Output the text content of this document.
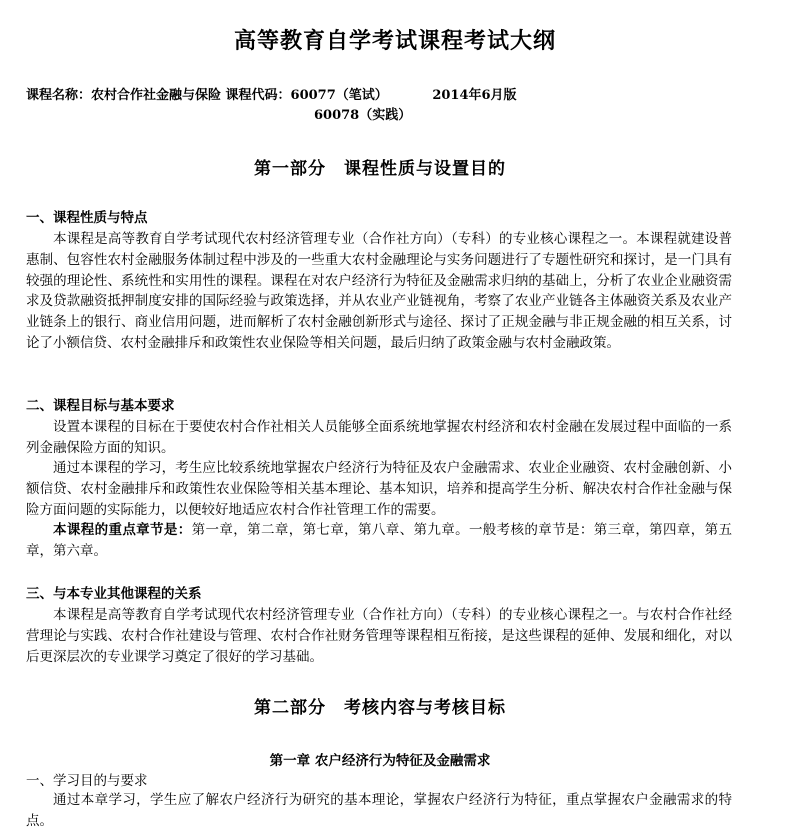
高等教育自学考试课程考试大纲
课程名称：农村合作社金融与保险 课程代码：60077（笔试）	2014年6月版
60078（实践）
第一部分　课程性质与设置目的
一、课程性质与特点
本课程是高等教育自学考试现代农村经济管理专业（合作社方向）（专科）的专业核心课程之一。本课程就建设普惠制、包容性农村金融服务体制过程中涉及的一些重大农村金融理论与实务问题进行了专题性研究和探讨，是一门具有较强的理论性、系统性和实用性的课程。课程在对农户经济行为特征及金融需求归纳的基础上，分析了农业企业融资需求及贷款融资抵押制度安排的国际经验与政策选择，并从农业产业链视角，考察了农业产业链各主体融资关系及农业产业链条上的银行、商业信用问题，进而解析了农村金融创新形式与途径、探讨了正规金融与非正规金融的相互关系，讨论了小额信贷、农村金融排斥和政策性农业保险等相关问题，最后归纳了政策金融与农村金融政策。
二、课程目标与基本要求
设置本课程的目标在于要使农村合作社相关人员能够全面系统地掌握农村经济和农村金融在发展过程中面临的一系列金融保险方面的知识。
通过本课程的学习，考生应比较系统地掌握农户经济行为特征及农户金融需求、农业企业融资、农村金融创新、小额信贷、农村金融排斥和政策性农业保险等相关基本理论、基本知识，培养和提高学生分析、解决农村合作社金融与保险方面问题的实际能力，以便较好地适应农村合作社管理工作的需要。
本课程的重点章节是：第一章，第二章，第七章，第八章、第九章。一般考核的章节是：第三章，第四章，第五章，第六章。
三、与本专业其他课程的关系
本课程是高等教育自学考试现代农村经济管理专业（合作社方向）（专科）的专业核心课程之一。与农村合作社经营理论与实践、农村合作社建设与管理、农村合作社财务管理等课程相互衔接，是这些课程的延伸、发展和细化，对以后更深层次的专业课学习奠定了很好的学习基础。
第二部分　考核内容与考核目标
第一章 农户经济行为特征及金融需求
一、学习目的与要求
通过本章学习，学生应了解农户经济行为研究的基本理论，掌握农户经济行为特征，重点掌握农户金融需求的特点。
